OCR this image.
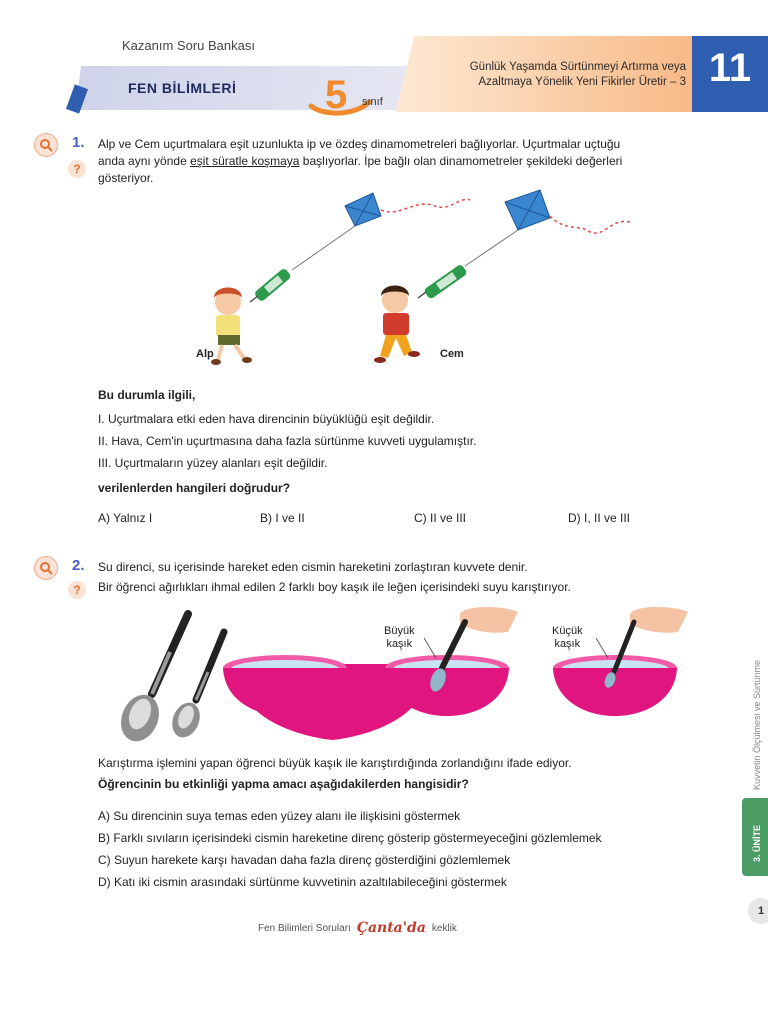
Kazanım Soru Bankası
FEN BİLİMLERİ 5 sınıf
Günlük Yaşamda Sürtünmeyi Artırma veya
Azaltmaya Yönelik Yeni Fikirler Üretir – 3 11
?
1. Alp ve Cem uçurtmalara eşit uzunlukta ip ve özdeş dinamometreleri bağlıyorlar. Uçurtmalar uçtuğu
anda aynı yönde eşit süratle koşmaya başlıyorlar. İpe bağlı olan dinamometreler şekildeki değerleri
gösteriyor.
Alp	Cem
Bu durumla ilgili,
I. Uçurtmalara etki eden hava direncinin büyüklüğü eşit değildir.
II. Hava, Cem'in uçurtmasına daha fazla sürtünme kuvveti uygulamıştır.
III. Uçurtmaların yüzey alanları eşit değildir.
verilenlerden hangileri doğrudur?
A) Yalnız I	B) I ve II	C) II ve III	D) I, II ve III
?
2. Su direnci, su içerisinde hareket eden cismin hareketini zorlaştıran kuvvete denir.
Bir öğrenci ağırlıkları ihmal edilen 2 farklı boy kaşık ile leğen içerisindeki suyu karıştırıyor.
Büyük
kaşık
Küçük
kaşık
Karıştırma işlemini yapan öğrenci büyük kaşık ile karıştırdığında zorlandığını ifade ediyor.
Öğrencinin bu etkinliği yapma amacı aşağıdakilerden hangisidir?
A) Su direncinin suya temas eden yüzey alanı ile ilişkisini göstermek
B) Farklı sıvıların içerisindeki cismin hareketine direnç gösterip göstermeyeceğini gözlemlemek
C) Suyun harekete karşı havadan daha fazla direnç gösterdiğini gözlemlemek
D) Katı iki cismin arasındaki sürtünme kuvvetinin azaltılabileceğini göstermek
Kuvvetin Ölçülmesi ve Sürtünme
3. ÜNİTE
1
Fen Bilimleri Soruları Çanta'da keklik
